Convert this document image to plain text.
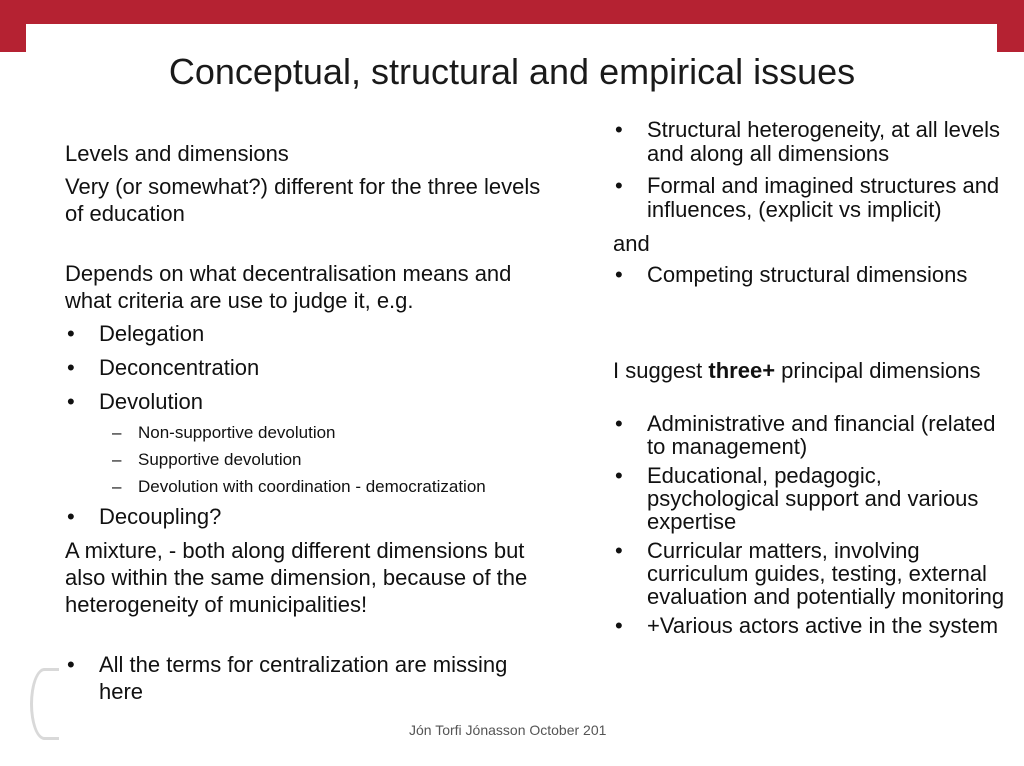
Conceptual, structural and empirical issues

Levels and dimensions

Very (or somewhat?) different for the three levels of education

Depends on what decentralisation means and what criteria are use to judge it, e.g.

• Delegation
• Deconcentration
• Devolution
– Non-supportive devolution
– Supportive devolution
– Devolution with coordination - democratization
• Decoupling?

A mixture, - both along different dimensions but also within the same dimension, because of the heterogeneity of municipalities!

• All the terms for centralization are missing here
• Structural heterogeneity, at all levels and along all dimensions
• Formal and imagined structures and influences, (explicit vs implicit)

and

• Competing structural dimensions

I suggest three+ principal dimensions

• Administrative and financial (related to management)
• Educational, pedagogic, psychological support and various expertise
• Curricular matters, involving curriculum guides, testing, external evaluation and potentially monitoring
• +Various actors active in the system
Jón Torfi Jónasson October 201
